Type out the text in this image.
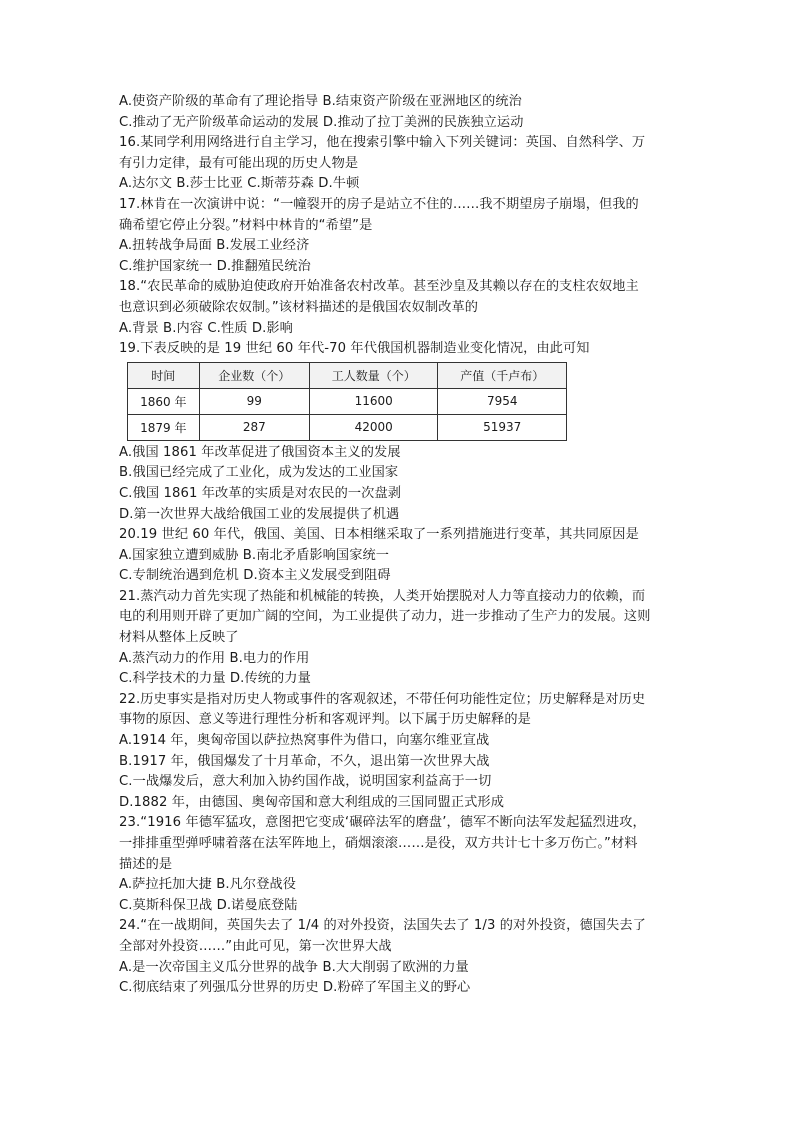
A.使资产阶级的革命有了理论指导 B.结束资产阶级在亚洲地区的统治
C.推动了无产阶级革命运动的发展 D.推动了拉丁美洲的民族独立运动
16.某同学利用网络进行自主学习，他在搜索引擎中输入下列关键词：英国、自然科学、万
有引力定律，最有可能出现的历史人物是
A.达尔文 B.莎士比亚 C.斯蒂芬森 D.牛顿
17.林肯在一次演讲中说：“一幢裂开的房子是站立不住的……我不期望房子崩塌，但我的
确希望它停止分裂。”材料中林肯的“希望”是
A.扭转战争局面 B.发展工业经济
C.维护国家统一 D.推翻殖民统治
18.“农民革命的威胁迫使政府开始准备农村改革。甚至沙皇及其赖以存在的支柱农奴地主
也意识到必须破除农奴制。”该材料描述的是俄国农奴制改革的
A.背景 B.内容 C.性质 D.影响
19.下表反映的是 19 世纪 60 年代-70 年代俄国机器制造业变化情况，由此可知
时间	企业数（个）	工人数量（个）	产值（千卢布）
1860 年	99	11600	7954
1879 年	287	42000	51937
A.俄国 1861 年改革促进了俄国资本主义的发展
B.俄国已经完成了工业化，成为发达的工业国家
C.俄国 1861 年改革的实质是对农民的一次盘剥
D.第一次世界大战给俄国工业的发展提供了机遇
20.19 世纪 60 年代，俄国、美国、日本相继采取了一系列措施进行变革，其共同原因是
A.国家独立遭到威胁 B.南北矛盾影响国家统一
C.专制统治遇到危机 D.资本主义发展受到阻碍
21.蒸汽动力首先实现了热能和机械能的转换，人类开始摆脱对人力等直接动力的依赖，而
电的利用则开辟了更加广阔的空间，为工业提供了动力，进一步推动了生产力的发展。这则
材料从整体上反映了
A.蒸汽动力的作用 B.电力的作用
C.科学技术的力量 D.传统的力量
22.历史事实是指对历史人物或事件的客观叙述，不带任何功能性定位；历史解释是对历史
事物的原因、意义等进行理性分析和客观评判。以下属于历史解释的是
A.1914 年，奥匈帝国以萨拉热窝事件为借口，向塞尔维亚宣战
B.1917 年，俄国爆发了十月革命，不久，退出第一次世界大战
C.一战爆发后，意大利加入协约国作战，说明国家利益高于一切
D.1882 年，由德国、奥匈帝国和意大利组成的三国同盟正式形成
23.“1916 年德军猛攻，意图把它变成‘碾碎法军的磨盘’，德军不断向法军发起猛烈进攻，
一排排重型弹呼啸着落在法军阵地上，硝烟滚滚……是役，双方共计七十多万伤亡。”材料
描述的是
A.萨拉托加大捷 B.凡尔登战役
C.莫斯科保卫战 D.诺曼底登陆
24.“在一战期间，英国失去了 1/4 的对外投资，法国失去了 1/3 的对外投资，德国失去了
全部对外投资……”由此可见，第一次世界大战
A.是一次帝国主义瓜分世界的战争 B.大大削弱了欧洲的力量
C.彻底结束了列强瓜分世界的历史 D.粉碎了军国主义的野心
